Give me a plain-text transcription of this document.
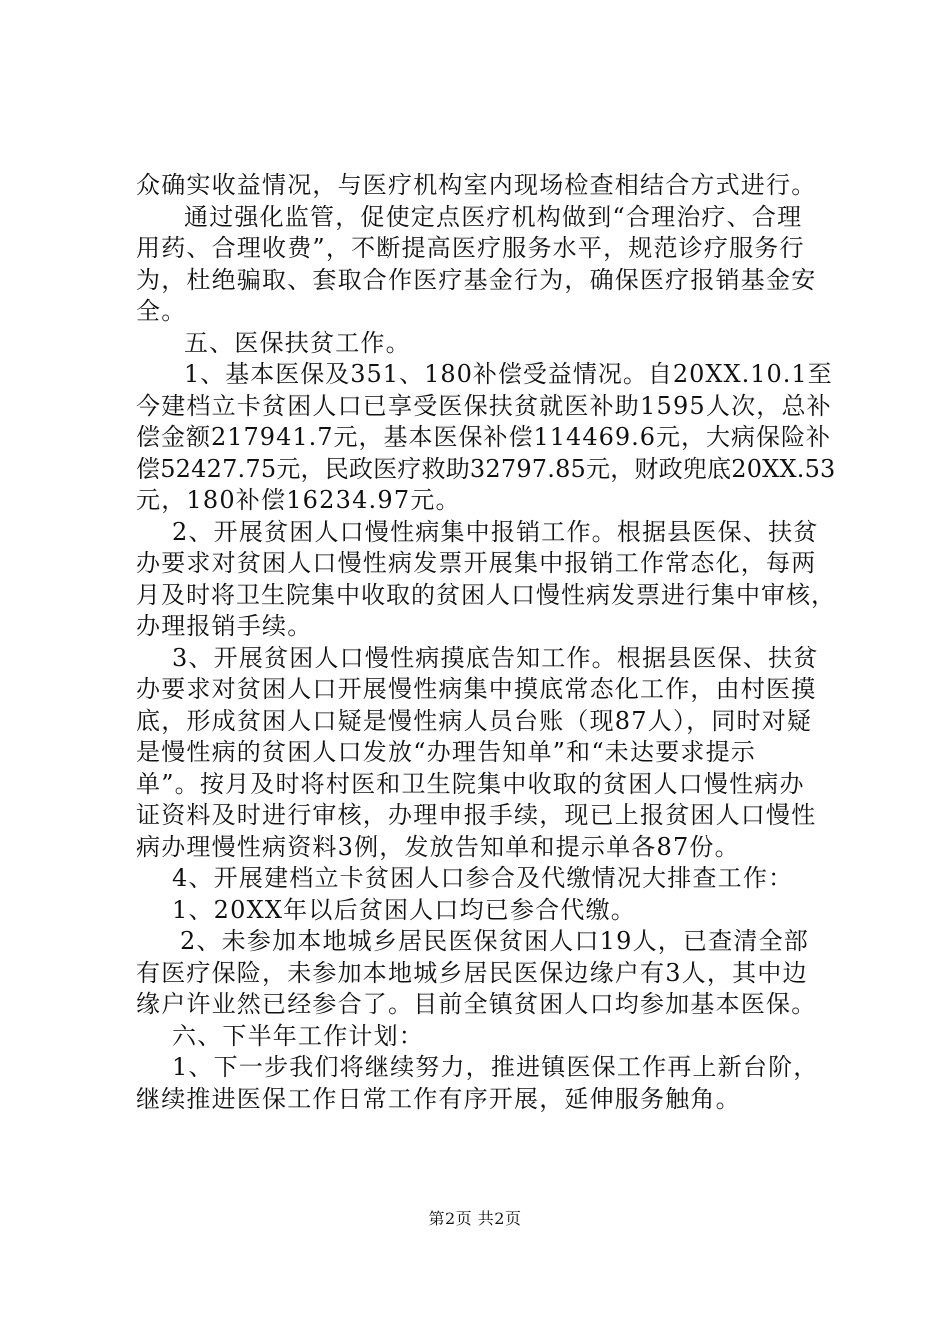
众确实收益情况，与医疗机构室内现场检查相结合方式进行。
通过强化监管，促使定点医疗机构做到“合理治疗、合理
用药、合理收费”，不断提高医疗服务水平，规范诊疗服务行
为，杜绝骗取、套取合作医疗基金行为，确保医疗报销基金安
全。
五、医保扶贫工作。
1、基本医保及351、180补偿受益情况。自20XX.10.1至
今建档立卡贫困人口已享受医保扶贫就医补助1595人次，总补
偿金额217941.7元，基本医保补偿114469.6元，大病保险补
偿52427.75元，民政医疗救助32797.85元，财政兜底20XX.53
元，180补偿16234.97元。
2、开展贫困人口慢性病集中报销工作。根据县医保、扶贫
办要求对贫困人口慢性病发票开展集中报销工作常态化，每两
月及时将卫生院集中收取的贫困人口慢性病发票进行集中审核，
办理报销手续。
3、开展贫困人口慢性病摸底告知工作。根据县医保、扶贫
办要求对贫困人口开展慢性病集中摸底常态化工作，由村医摸
底，形成贫困人口疑是慢性病人员台账（现87人），同时对疑
是慢性病的贫困人口发放“办理告知单”和“未达要求提示
单”。按月及时将村医和卫生院集中收取的贫困人口慢性病办
证资料及时进行审核，办理申报手续，现已上报贫困人口慢性
病办理慢性病资料3例，发放告知单和提示单各87份。
4、开展建档立卡贫困人口参合及代缴情况大排查工作：
1、20XX年以后贫困人口均已参合代缴。
2、未参加本地城乡居民医保贫困人口19人，已查清全部
有医疗保险，未参加本地城乡居民医保边缘户有3人，其中边
缘户许业然已经参合了。目前全镇贫困人口均参加基本医保。
六、下半年工作计划：
1、下一步我们将继续努力，推进镇医保工作再上新台阶，
继续推进医保工作日常工作有序开展，延伸服务触角。
第2页 共2页
